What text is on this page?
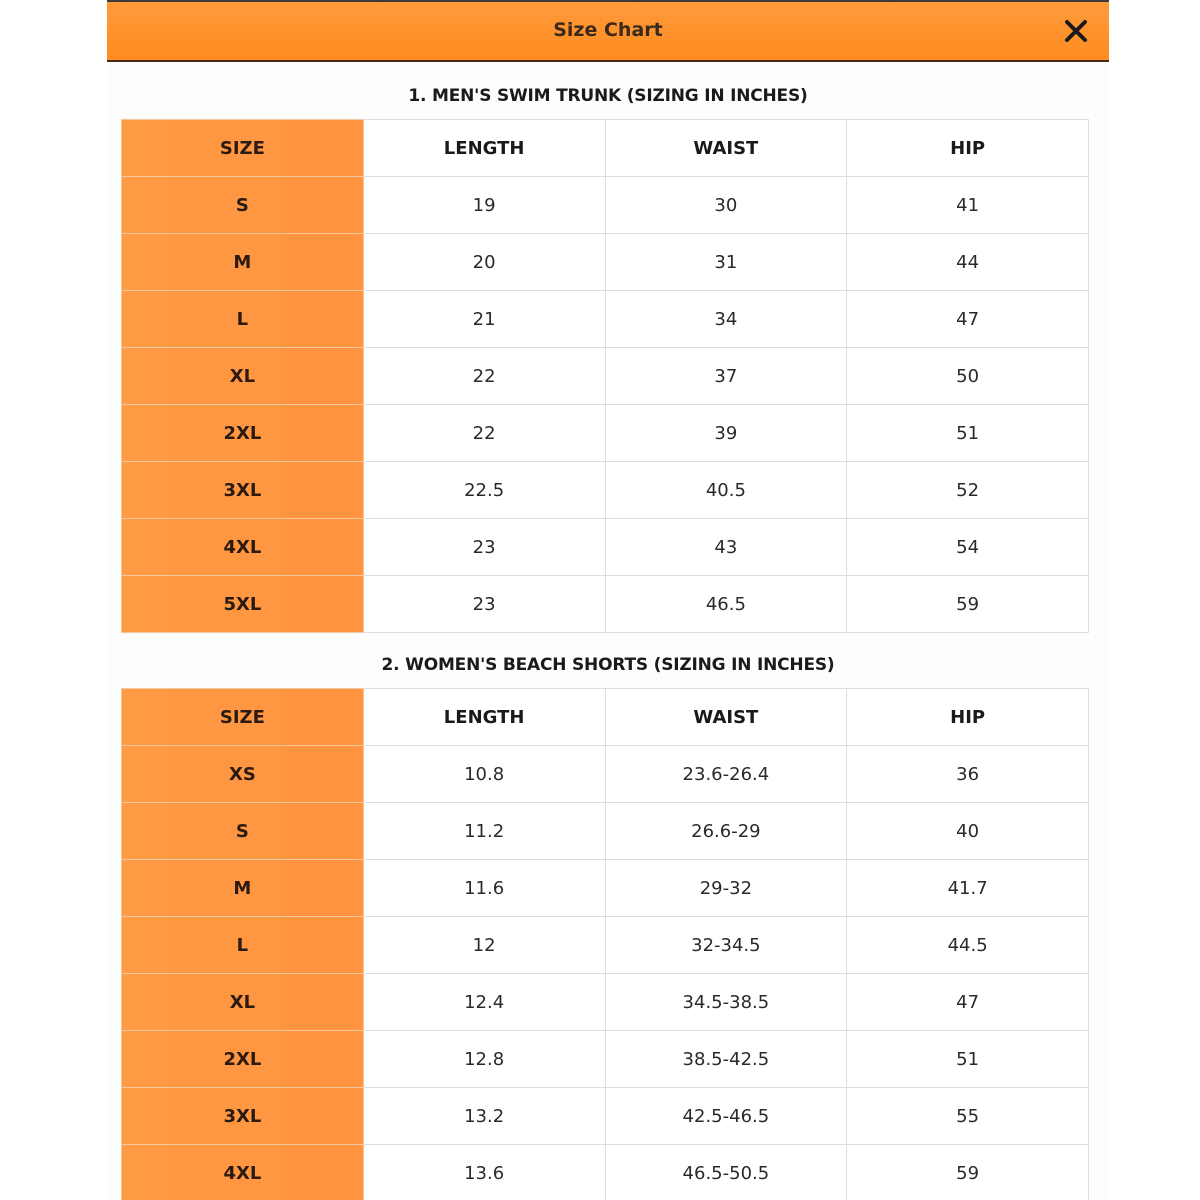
Size Chart
1. MEN'S SWIM TRUNK (SIZING IN INCHES)
SIZE	LENGTH	WAIST	HIP
S	19	30	41
M	20	31	44
L	21	34	47
XL	22	37	50
2XL	22	39	51
3XL	22.5	40.5	52
4XL	23	43	54
5XL	23	46.5	59
2. WOMEN'S BEACH SHORTS (SIZING IN INCHES)
SIZE	LENGTH	WAIST	HIP
XS	10.8	23.6-26.4	36
S	11.2	26.6-29	40
M	11.6	29-32	41.7
L	12	32-34.5	44.5
XL	12.4	34.5-38.5	47
2XL	12.8	38.5-42.5	51
3XL	13.2	42.5-46.5	55
4XL	13.6	46.5-50.5	59
